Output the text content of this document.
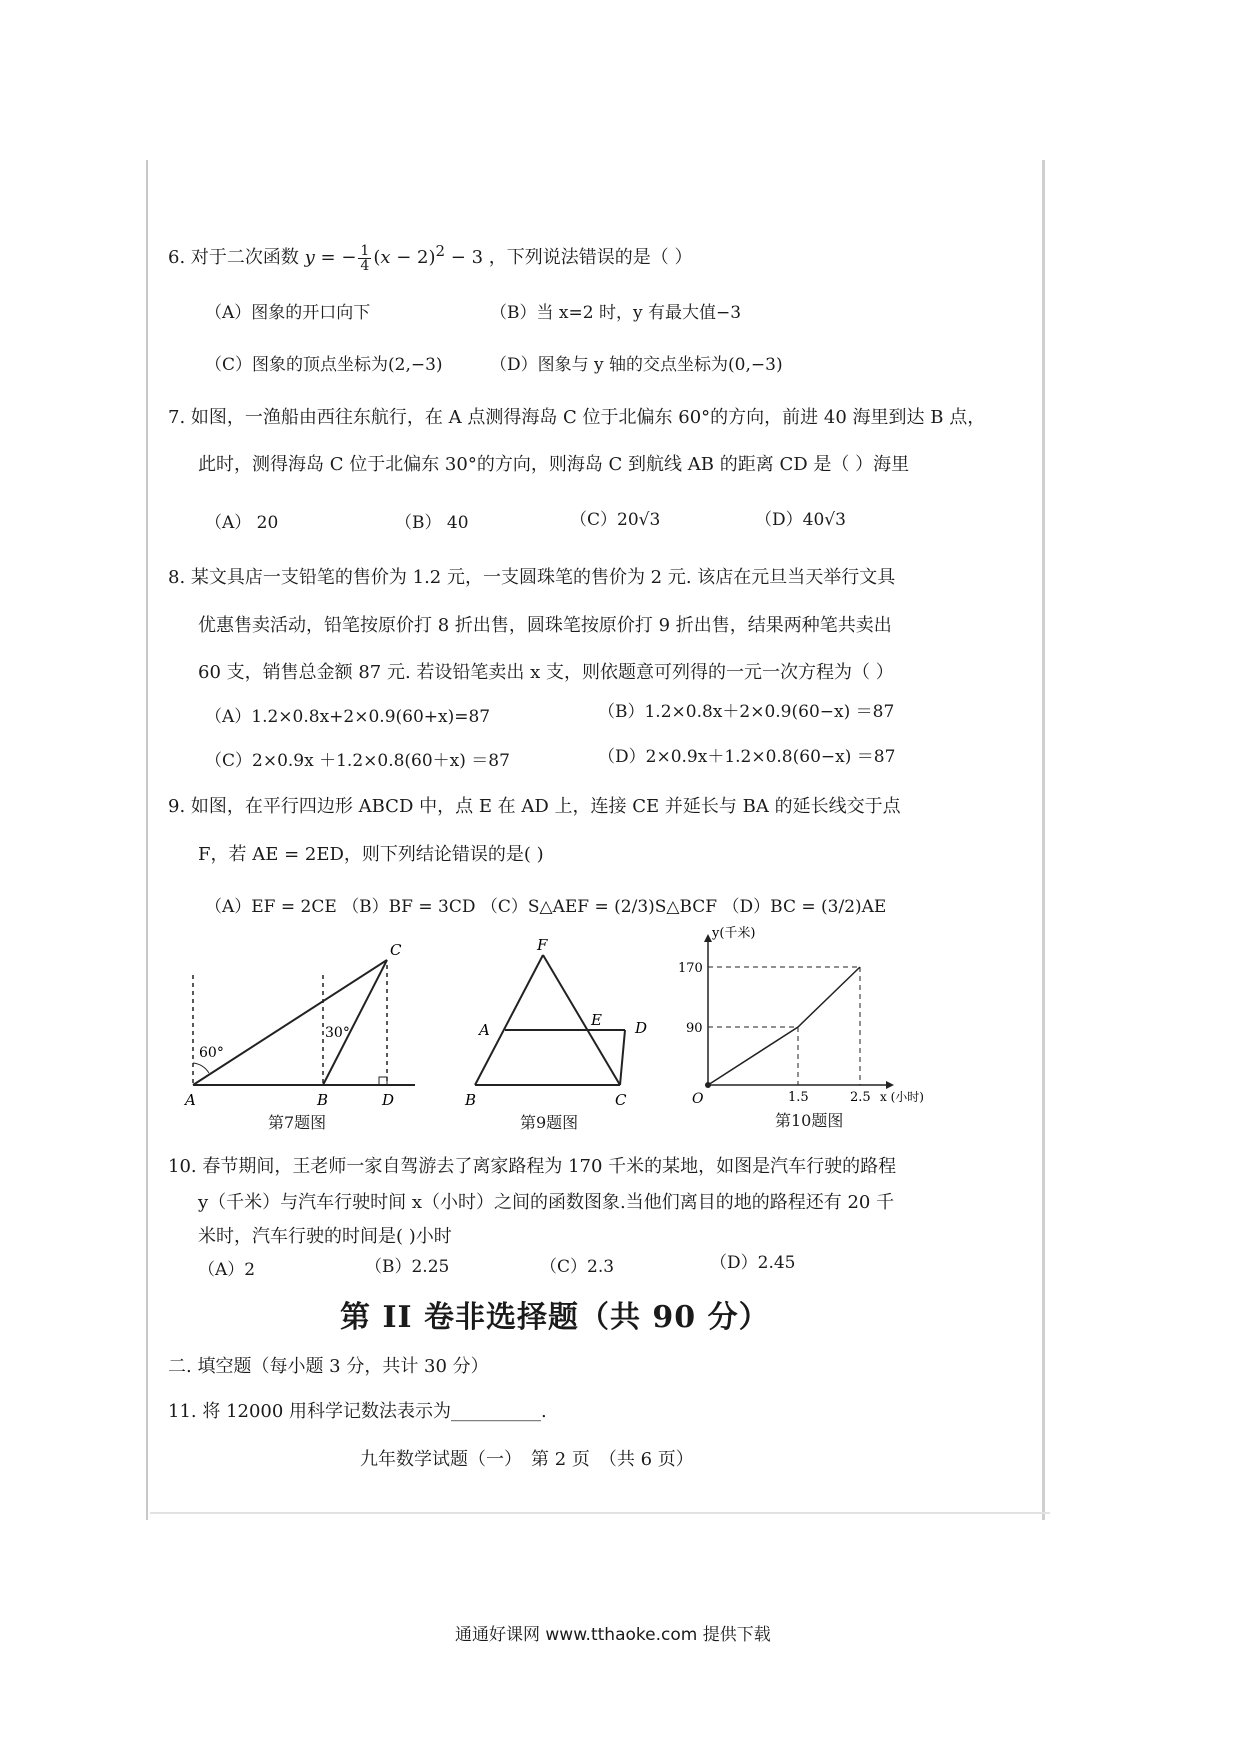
6. 对于二次函数 y = − $\frac{1}{4} (x - 2)^2 - 3$ ，下列说法错误的是（ ）
（A）图象的开口向下	（B）当 x=2 时，y 有最大值−3
（C）图象的顶点坐标为(2,−3)	（D）图象与 y 轴的交点坐标为(0,−3)
7. 如图，一渔船由西往东航行，在 A 点测得海岛 C 位于北偏东 60°的方向，前进 40 海里到达 B 点，
此时，测得海岛 C 位于北偏东 30°的方向，则海岛 C 到航线 AB 的距离 CD 是（ ）海里
（A） 20	（B） 40	（C）20√3	（D）40√3
8. 某文具店一支铅笔的售价为 1.2 元，一支圆珠笔的售价为 2 元. 该店在元旦当天举行文具
优惠售卖活动，铅笔按原价打 8 折出售，圆珠笔按原价打 9 折出售，结果两种笔共卖出
60 支，销售总金额 87 元. 若设铅笔卖出 x 支，则依题意可列得的一元一次方程为（ ）
（A）1.2×0.8x+2×0.9(60+x)=87	（B）1.2×0.8x＋2×0.9(60−x) ＝87
（C）2×0.9x ＋1.2×0.8(60＋x) ＝87	（D）2×0.9x＋1.2×0.8(60−x) ＝87
9. 如图，在平行四边形 ABCD 中，点 E 在 AD 上，连接 CE 并延长与 BA 的延长线交于点
F，若 AE = 2ED，则下列结论错误的是( )
（A）EF = 2CE （B）BF = 3CD （C）S△AEF = (2/3)S△BCF （D）BC = (3/2)AE
60°
30°
A	B
C
D
第7题图
F
A
E D
B	C
第9题图
y(千米)
x (小时)
O
170
90
1.5	2.5
第10题图
10. 春节期间，王老师一家自驾游去了离家路程为 170 千米的某地，如图是汽车行驶的路程
y（千米）与汽车行驶时间 x（小时）之间的函数图象.当他们离目的地的路程还有 20 千
米时，汽车行驶的时间是( )小时
（A）2	（B）2.25	（C）2.3	（D）2.45
第 II 卷非选择题（共 90 分）
二. 填空题（每小题 3 分，共计 30 分）
11. 将 12000 用科学记数法表示为__________.
九年数学试题（一）　第 2 页　（共 6 页）
通通好课网 www.tthaoke.com 提供下载
